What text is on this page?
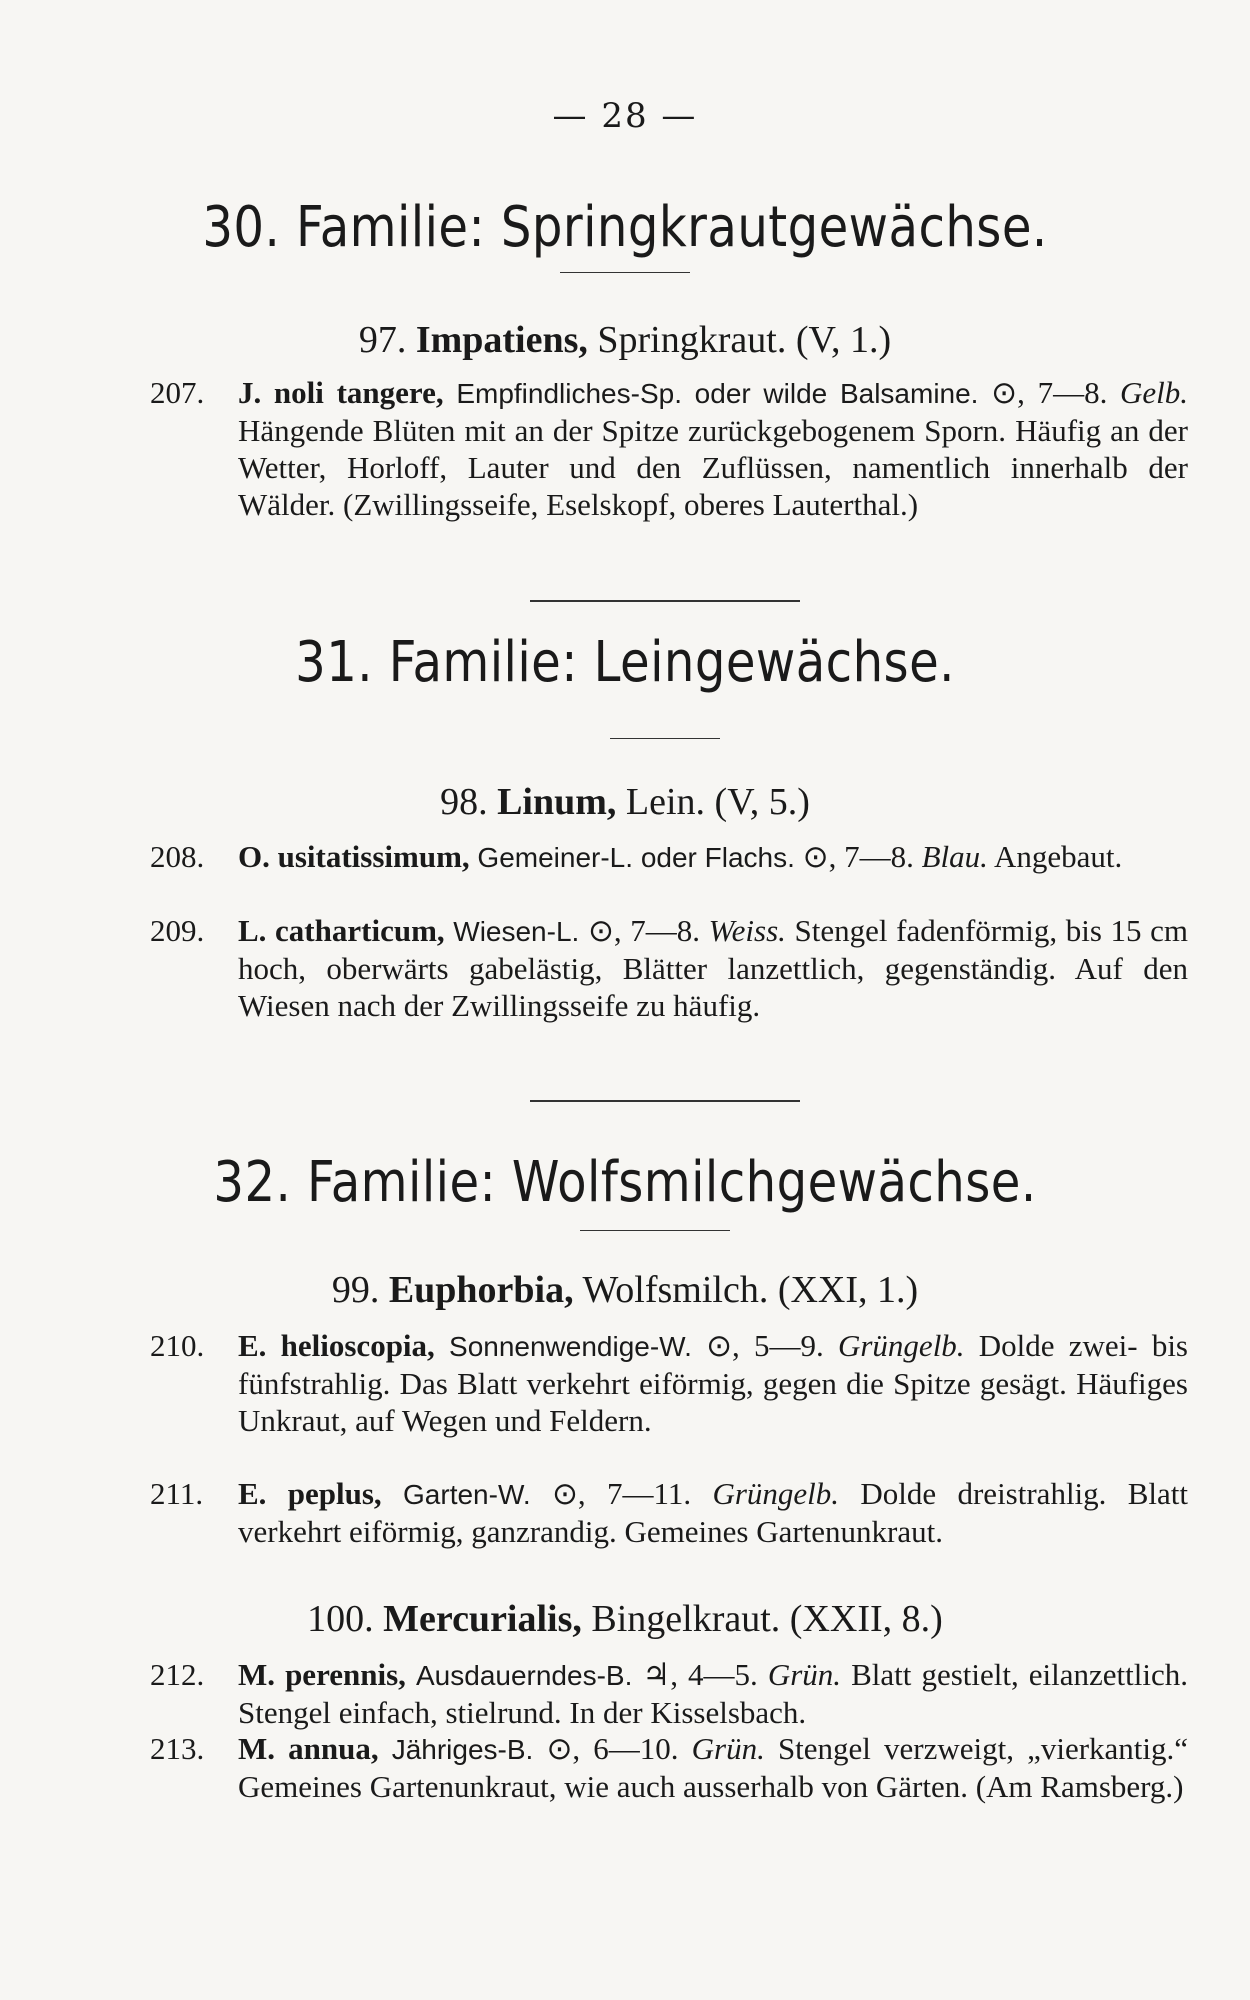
— 28 —
30. Familie: Springkrautgewächse.
97. Impatiens, Springkraut. (V, 1.)
207.	J. noli tangere, Empfindliches-Sp. oder wilde Balsamine. ⊙, 7—8. Gelb. Hängende Blüten mit an der Spitze zurückgebogenem Sporn. Häufig an der Wetter, Horloff, Lauter und den Zuflüssen, namentlich innerhalb der Wälder. (Zwillingsseife, Eselskopf, oberes Lauterthal.)
31. Familie: Leingewächse.
98. Linum, Lein. (V, 5.)
208.	O. usitatissimum, Gemeiner-L. oder Flachs. ⊙, 7—8. Blau. Angebaut.
209.	L. catharticum, Wiesen-L. ⊙, 7—8. Weiss. Stengel fadenförmig, bis 15 cm hoch, oberwärts gabelästig, Blätter lanzettlich, gegenständig. Auf den Wiesen nach der Zwillingsseife zu häufig.
32. Familie: Wolfsmilchgewächse.
99. Euphorbia, Wolfsmilch. (XXI, 1.)
210.	E. helioscopia, Sonnenwendige-W. ⊙, 5—9. Grüngelb. Dolde zwei- bis fünfstrahlig. Das Blatt verkehrt eiförmig, gegen die Spitze gesägt. Häufiges Unkraut, auf Wegen und Feldern.
211.	E. peplus, Garten-W. ⊙, 7—11. Grüngelb. Dolde dreistrahlig. Blatt verkehrt eiförmig, ganzrandig. Gemeines Gartenunkraut.
100. Mercurialis, Bingelkraut. (XXII, 8.)
212.	M. perennis, Ausdauerndes-B. ♃, 4—5. Grün. Blatt gestielt, eilanzettlich. Stengel einfach, stielrund. In der Kisselsbach.
213.	M. annua, Jähriges-B. ⊙, 6—10. Grün. Stengel verzweigt, „vierkantig.“ Gemeines Gartenunkraut, wie auch ausserhalb von Gärten. (Am Ramsberg.)
